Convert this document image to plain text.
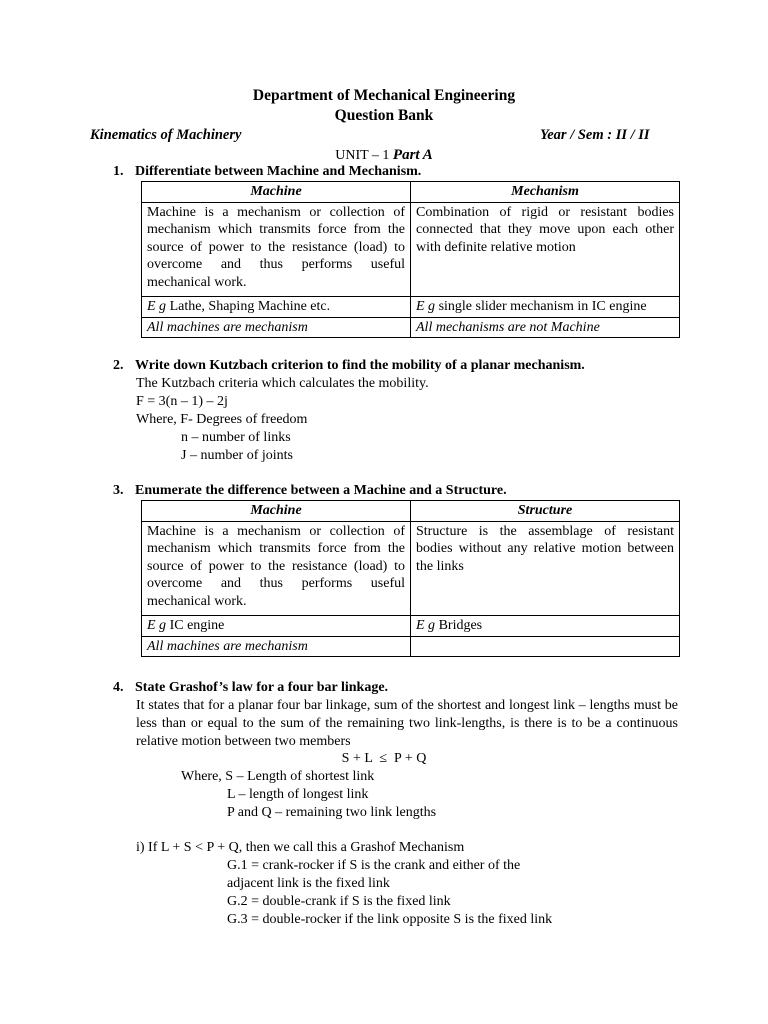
Department of Mechanical Engineering
Question Bank
Kinematics of Machinery	Year / Sem : II / II
UNIT – 1 Part A
1. Differentiate between Machine and Mechanism.
Machine	Mechanism
Machine is a mechanism or collection of mechanism which transmits force from the source of power to the resistance (load) to overcome and thus performs useful mechanical work.	Combination of rigid or resistant bodies connected that they move upon each other with definite relative motion
E g Lathe, Shaping Machine etc.	E g single slider mechanism in IC engine
All machines are mechanism	All mechanisms are not Machine
2. Write down Kutzbach criterion to find the mobility of a planar mechanism.
The Kutzbach criteria which calculates the mobility.
F = 3(n – 1) – 2j
Where, F- Degrees of freedom
n – number of links
J – number of joints
3. Enumerate the difference between a Machine and a Structure.
Machine	Structure
Machine is a mechanism or collection of mechanism which transmits force from the source of power to the resistance (load) to overcome and thus performs useful mechanical work.	Structure is the assemblage of resistant bodies without any relative motion between the links
E g IC engine	E g Bridges
All machines are mechanism	
4. State Grashof’s law for a four bar linkage.
It states that for a planar four bar linkage, sum of the shortest and longest link – lengths must be less than or equal to the sum of the remaining two link-lengths, is there is to be a continuous relative motion between two members
S + L  ≤  P + Q
Where, S – Length of shortest link
L – length of longest link
P and Q – remaining two link lengths
i) If L + S < P + Q, then we call this a Grashof Mechanism
G.1 = crank-rocker if S is the crank and either of the
adjacent link is the fixed link
G.2 = double-crank if S is the fixed link
G.3 = double-rocker if the link opposite S is the fixed link
